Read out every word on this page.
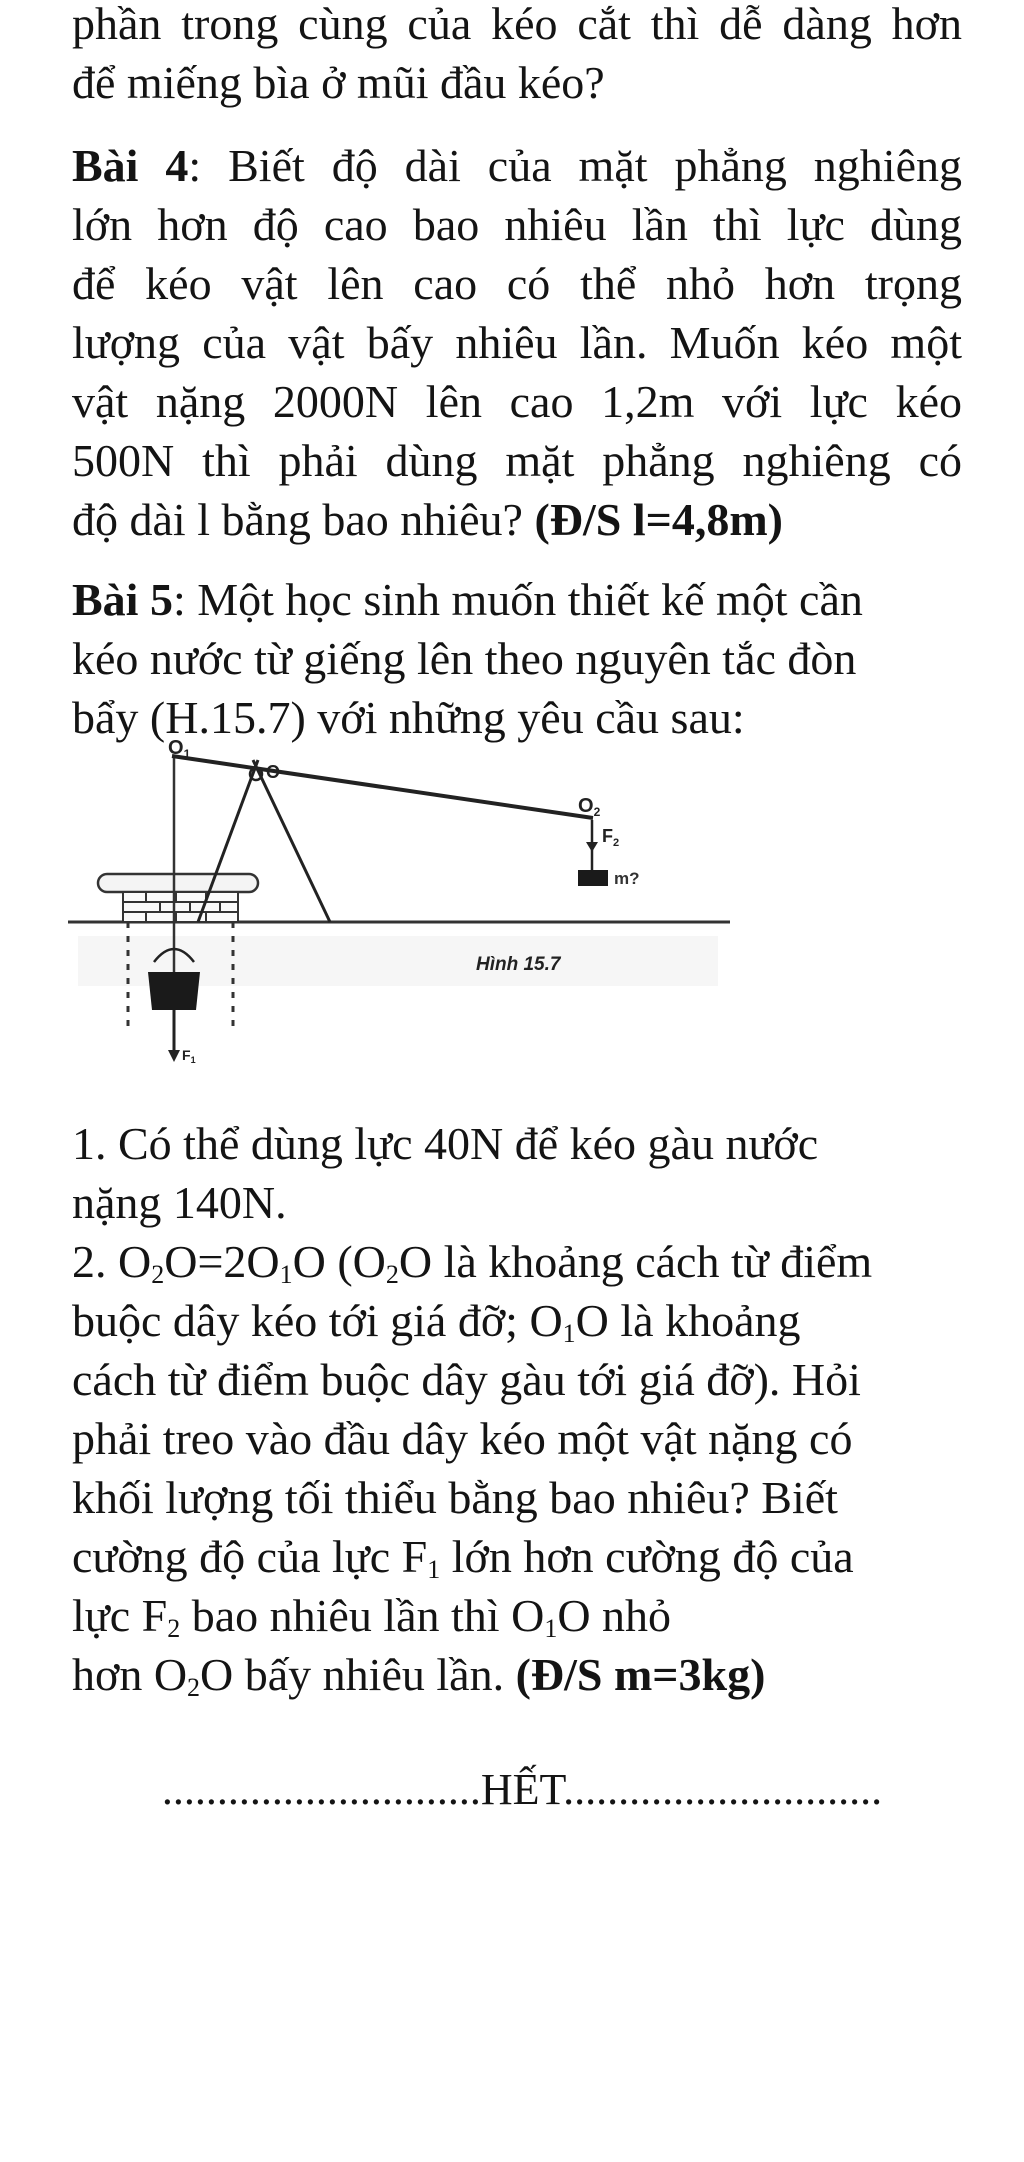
phần trong cùng của kéo cắt thì dễ dàng hơn
để miếng bìa ở mũi đầu kéo?
Bài 4: Biết độ dài của mặt phẳng nghiêng
lớn hơn độ cao bao nhiêu lần thì lực dùng
để kéo vật lên cao có thể nhỏ hơn trọng
lượng của vật bấy nhiêu lần. Muốn kéo một
vật nặng 2000N lên cao 1,2m với lực kéo
500N thì phải dùng mặt phẳng nghiêng có
độ dài l bằng bao nhiêu? (Đ/S l=4,8m)
Bài 5: Một học sinh muốn thiết kế một cần
kéo nước từ giếng lên theo nguyên tắc đòn
bẩy (H.15.7) với những yêu cầu sau:
$F_1$
$O_1$
O
$O_2$
$F_2$
m?
Hình 15.7
1. Có thể dùng lực 40N để kéo gàu nước
nặng 140N.
2. $O_2O=2O_1O$ ($O_2O$ là khoảng cách từ điểm
buộc dây kéo tới giá đỡ; $O_1O$ là khoảng
cách từ điểm buộc dây gàu tới giá đỡ). Hỏi
phải treo vào đầu dây kéo một vật nặng có
khối lượng tối thiểu bằng bao nhiêu? Biết
cường độ của lực $F_1$ lớn hơn cường độ của
lực $F_2$ bao nhiêu lần thì $O_1O$ nhỏ
hơn $O_2O$ bấy nhiêu lần. (Đ/S m=3kg)
.............................HẾT.............................
